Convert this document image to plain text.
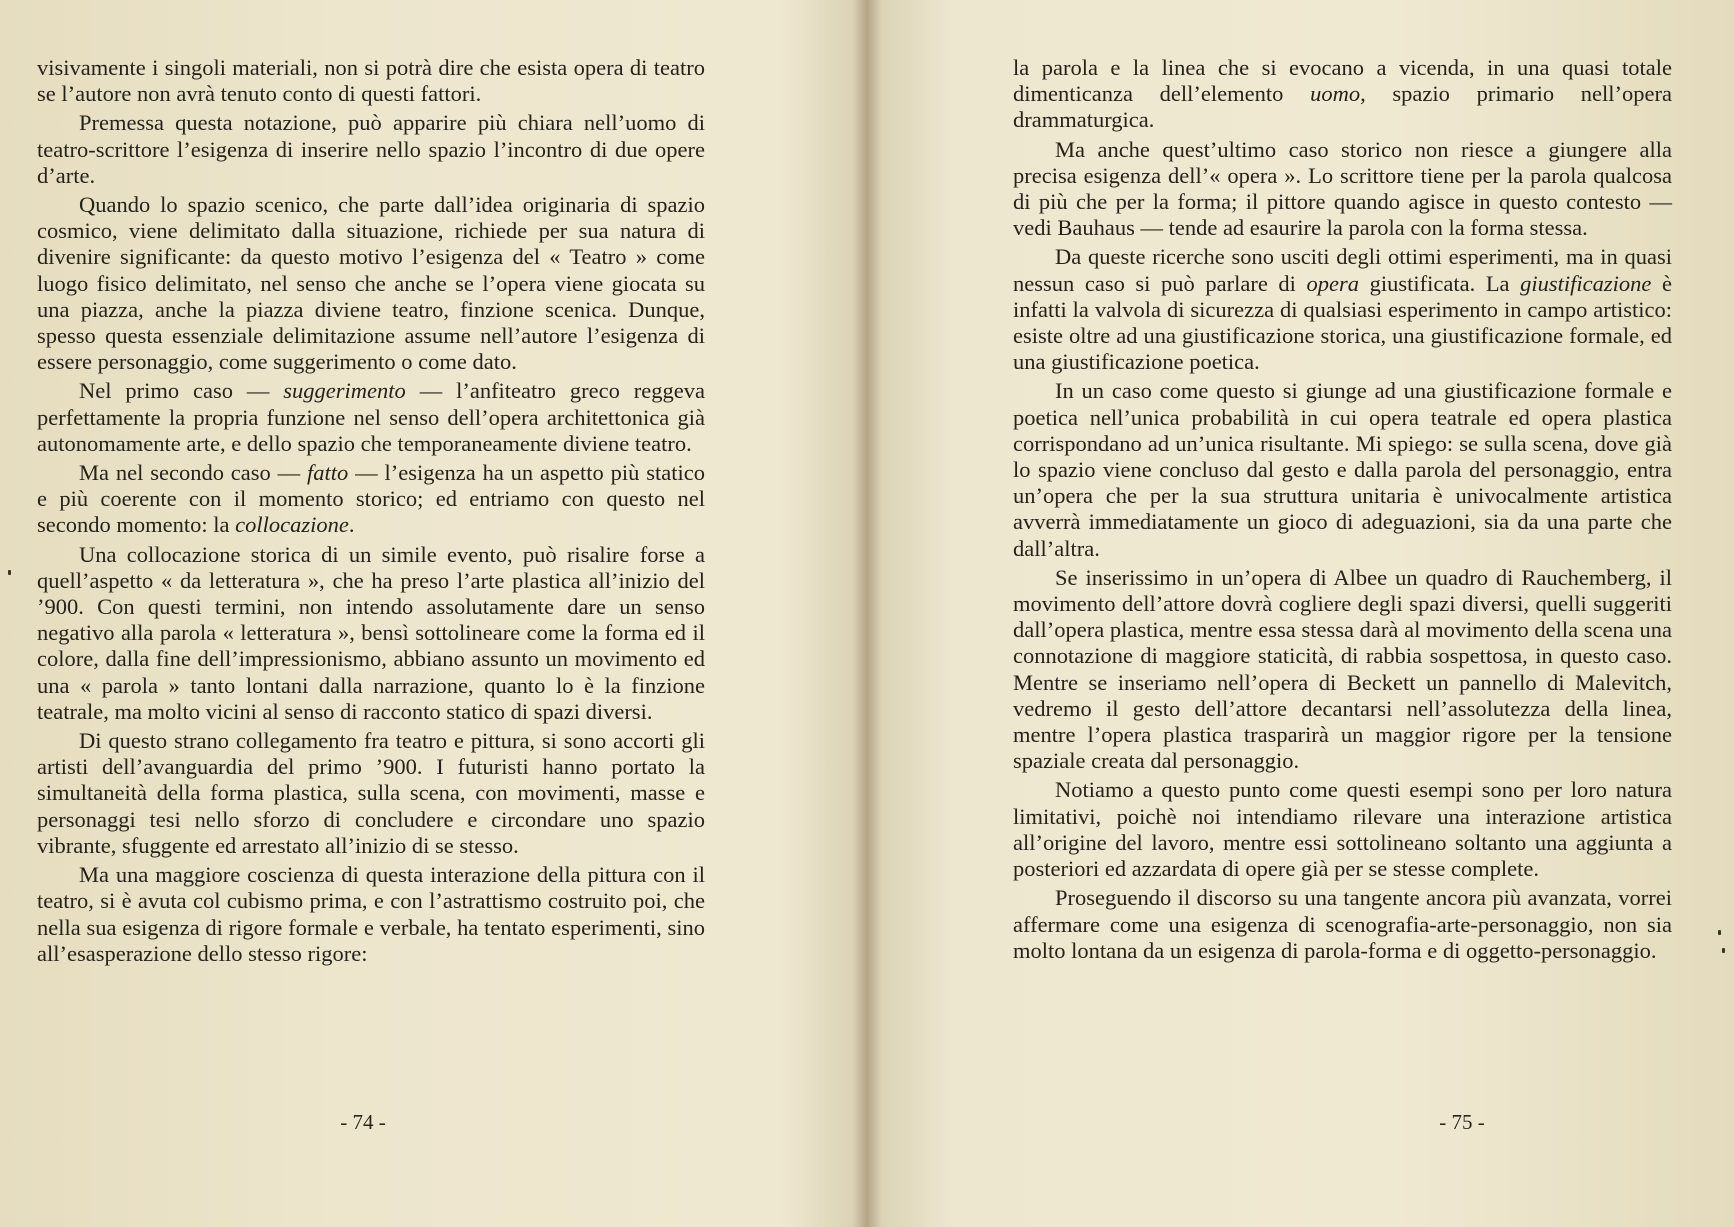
visivamente i singoli materiali, non si potrà dire che esista opera di teatro se l’autore non avrà tenuto conto di questi fattori.

Premessa questa notazione, può apparire più chiara nell’uomo di teatro-scrittore l’esigenza di inserire nello spazio l’incontro di due opere d’arte.

Quando lo spazio scenico, che parte dall’idea originaria di spazio cosmico, viene delimitato dalla situazione, richiede per sua natura di divenire significante: da questo motivo l’esigenza del « Teatro » come luogo fisico delimitato, nel senso che anche se l’opera viene giocata su una piazza, anche la piazza diviene teatro, finzione scenica. Dunque, spesso questa essenziale delimitazione assume nell’autore l’esigenza di essere personaggio, come suggerimento o come dato.

Nel primo caso — suggerimento — l’anfiteatro greco reggeva perfettamente la propria funzione nel senso dell’opera architettonica già autonomamente arte, e dello spazio che temporaneamente diviene teatro.

Ma nel secondo caso — fatto — l’esigenza ha un aspetto più statico e più coerente con il momento storico; ed entriamo con questo nel secondo momento: la collocazione.

Una collocazione storica di un simile evento, può risalire forse a quell’aspetto « da letteratura », che ha preso l’arte plastica all’inizio del ’900. Con questi termini, non intendo assolutamente dare un senso negativo alla parola « letteratura », bensì sottolineare come la forma ed il colore, dalla fine dell’impressionismo, abbiano assunto un movimento ed una « parola » tanto lontani dalla narrazione, quanto lo è la finzione teatrale, ma molto vicini al senso di racconto statico di spazi diversi.

Di questo strano collegamento fra teatro e pittura, si sono accorti gli artisti dell’avanguardia del primo ’900. I futuristi hanno portato la simultaneità della forma plastica, sulla scena, con movimenti, masse e personaggi tesi nello sforzo di concludere e circondare uno spazio vibrante, sfuggente ed arrestato all’inizio di se stesso.

Ma una maggiore coscienza di questa interazione della pittura con il teatro, si è avuta col cubismo prima, e con l’astrattismo costruito poi, che nella sua esigenza di rigore formale e verbale, ha tentato esperimenti, sino all’esasperazione dello stesso rigore:

- 74 -

la parola e la linea che si evocano a vicenda, in una quasi totale dimenticanza dell’elemento uomo, spazio primario nell’opera drammaturgica.

Ma anche quest’ultimo caso storico non riesce a giungere alla precisa esigenza dell’« opera ». Lo scrittore tiene per la parola qualcosa di più che per la forma; il pittore quando agisce in questo contesto — vedi Bauhaus — tende ad esaurire la parola con la forma stessa.

Da queste ricerche sono usciti degli ottimi esperimenti, ma in quasi nessun caso si può parlare di opera giustificata. La giustificazione è infatti la valvola di sicurezza di qualsiasi esperimento in campo artistico: esiste oltre ad una giustificazione storica, una giustificazione formale, ed una giustificazione poetica.

In un caso come questo si giunge ad una giustificazione formale e poetica nell’unica probabilità in cui opera teatrale ed opera plastica corrispondano ad un’unica risultante. Mi spiego: se sulla scena, dove già lo spazio viene concluso dal gesto e dalla parola del personaggio, entra un’opera che per la sua struttura unitaria è univocalmente artistica avverrà immediatamente un gioco di adeguazioni, sia da una parte che dall’altra.

Se inserissimo in un’opera di Albee un quadro di Rauchemberg, il movimento dell’attore dovrà cogliere degli spazi diversi, quelli suggeriti dall’opera plastica, mentre essa stessa darà al movimento della scena una connotazione di maggiore staticità, di rabbia sospettosa, in questo caso. Mentre se inseriamo nell’opera di Beckett un pannello di Malevitch, vedremo il gesto dell’attore decantarsi nell’assolutezza della linea, mentre l’opera plastica trasparirà un maggior rigore per la tensione spaziale creata dal personaggio.

Notiamo a questo punto come questi esempi sono per loro natura limitativi, poichè noi intendiamo rilevare una interazione artistica all’origine del lavoro, mentre essi sottolineano soltanto una aggiunta a posteriori ed azzardata di opere già per se stesse complete.

Proseguendo il discorso su una tangente ancora più avanzata, vorrei affermare come una esigenza di scenografia-arte-personaggio, non sia molto lontana da un esigenza di parola-forma e di oggetto-personaggio.

- 75 -
